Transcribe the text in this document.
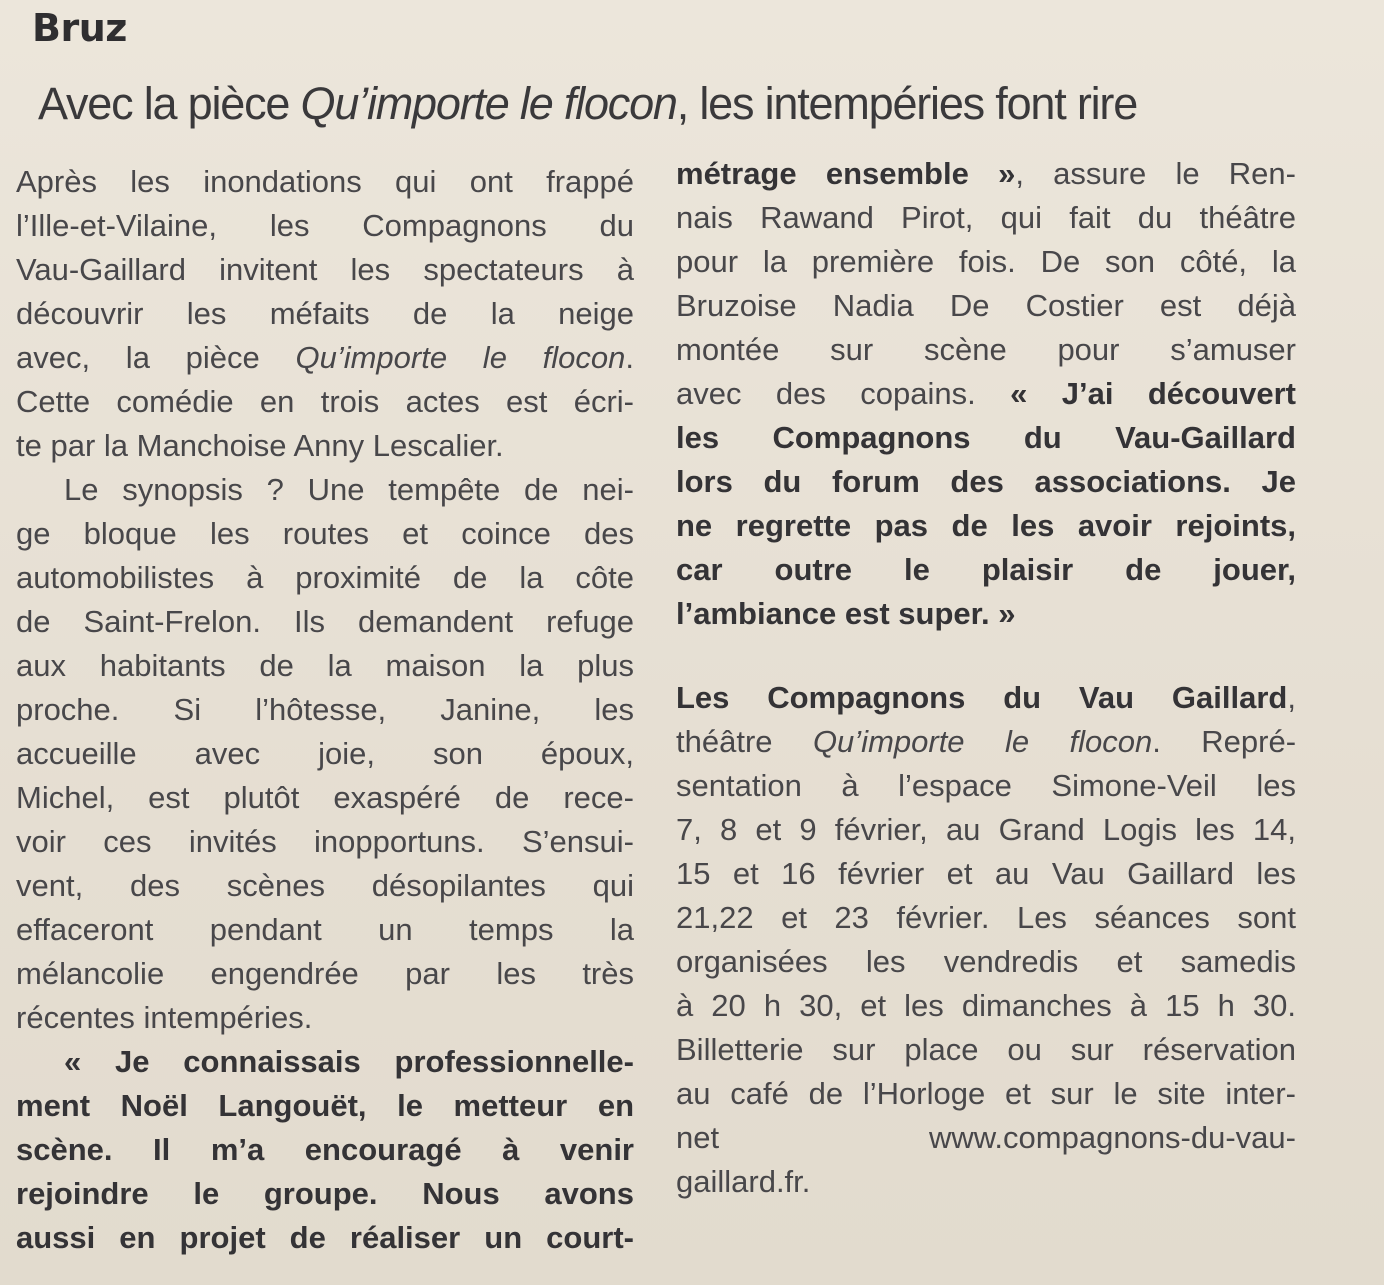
Bruz
Avec la pièce Qu’importe le flocon, les intempéries font rire
Après les inondations qui ont frappé
l’Ille-et-Vilaine, les Compagnons du
Vau-Gaillard invitent les spectateurs à
découvrir les méfaits de la neige
avec, la pièce Qu’importe le flocon.
Cette comédie en trois actes est écri-
te par la Manchoise Anny Lescalier.
Le synopsis ? Une tempête de nei-
ge bloque les routes et coince des
automobilistes à proximité de la côte
de Saint-Frelon. Ils demandent refuge
aux habitants de la maison la plus
proche. Si l’hôtesse, Janine, les
accueille avec joie, son époux,
Michel, est plutôt exaspéré de rece-
voir ces invités inopportuns. S’ensui-
vent, des scènes désopilantes qui
effaceront pendant un temps la
mélancolie engendrée par les très
récentes intempéries.
« Je connaissais professionnelle-
ment Noël Langouët, le metteur en
scène. Il m’a encouragé à venir
rejoindre le groupe. Nous avons
aussi en projet de réaliser un court-
métrage ensemble », assure le Ren-
nais Rawand Pirot, qui fait du théâtre
pour la première fois. De son côté, la
Bruzoise Nadia De Costier est déjà
montée sur scène pour s’amuser
avec des copains. « J’ai découvert
les Compagnons du Vau-Gaillard
lors du forum des associations. Je
ne regrette pas de les avoir rejoints,
car outre le plaisir de jouer,
l’ambiance est super. »
Les Compagnons du Vau Gaillard,
théâtre Qu’importe le flocon. Repré-
sentation à l’espace Simone-Veil les
7, 8 et 9 février, au Grand Logis les 14,
15 et 16 février et au Vau Gaillard les
21,22 et 23 février. Les séances sont
organisées les vendredis et samedis
à 20 h 30, et les dimanches à 15 h 30.
Billetterie sur place ou sur réservation
au café de l’Horloge et sur le site inter-
net	www.compagnons-du-vau-
gaillard.fr.
